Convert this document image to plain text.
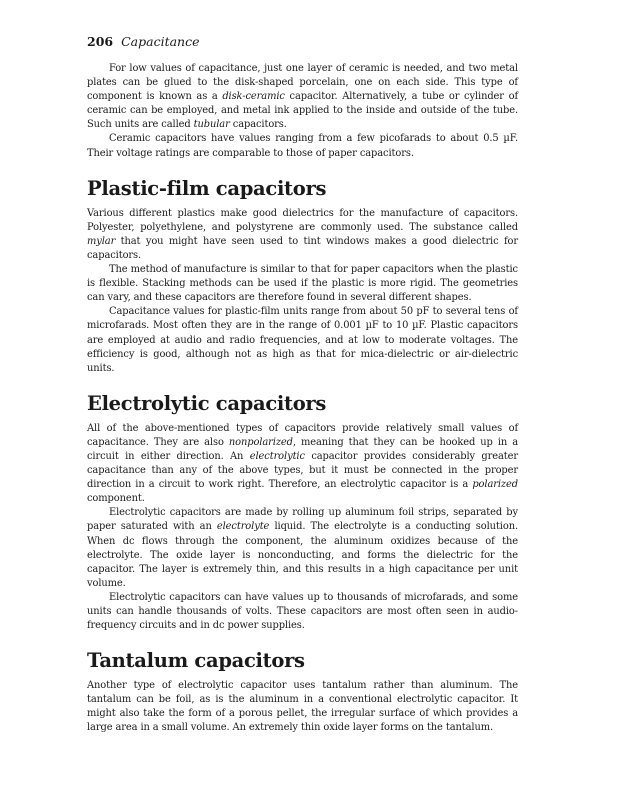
206 Capacitance

For low values of capacitance, just one layer of ceramic is needed, and two metal plates can be glued to the disk-shaped porcelain, one on each side. This type of component is known as a disk-ceramic capacitor. Alternatively, a tube or cylinder of ceramic can be employed, and metal ink applied to the inside and outside of the tube. Such units are called tubular capacitors.

Ceramic capacitors have values ranging from a few picofarads to about 0.5 µF. Their voltage ratings are comparable to those of paper capacitors.

Plastic-film capacitors

Various different plastics make good dielectrics for the manufacture of capacitors. Polyester, polyethylene, and polystyrene are commonly used. The substance called mylar that you might have seen used to tint windows makes a good dielectric for capacitors.

The method of manufacture is similar to that for paper capacitors when the plastic is flexible. Stacking methods can be used if the plastic is more rigid. The geometries can vary, and these capacitors are therefore found in several different shapes.

Capacitance values for plastic-film units range from about 50 pF to several tens of microfarads. Most often they are in the range of 0.001 µF to 10 µF. Plastic capacitors are employed at audio and radio frequencies, and at low to moderate voltages. The efficiency is good, although not as high as that for mica-dielectric or air-dielectric units.

Electrolytic capacitors

All of the above-mentioned types of capacitors provide relatively small values of capacitance. They are also nonpolarized, meaning that they can be hooked up in a circuit in either direction. An electrolytic capacitor provides considerably greater capacitance than any of the above types, but it must be connected in the proper direction in a circuit to work right. Therefore, an electrolytic capacitor is a polarized component.

Electrolytic capacitors are made by rolling up aluminum foil strips, separated by paper saturated with an electrolyte liquid. The electrolyte is a conducting solution. When dc flows through the component, the aluminum oxidizes because of the electrolyte. The oxide layer is nonconducting, and forms the dielectric for the capacitor. The layer is extremely thin, and this results in a high capacitance per unit volume.

Electrolytic capacitors can have values up to thousands of microfarads, and some units can handle thousands of volts. These capacitors are most often seen in audio-frequency circuits and in dc power supplies.

Tantalum capacitors

Another type of electrolytic capacitor uses tantalum rather than aluminum. The tantalum can be foil, as is the aluminum in a conventional electrolytic capacitor. It might also take the form of a porous pellet, the irregular surface of which provides a large area in a small volume. An extremely thin oxide layer forms on the tantalum.
